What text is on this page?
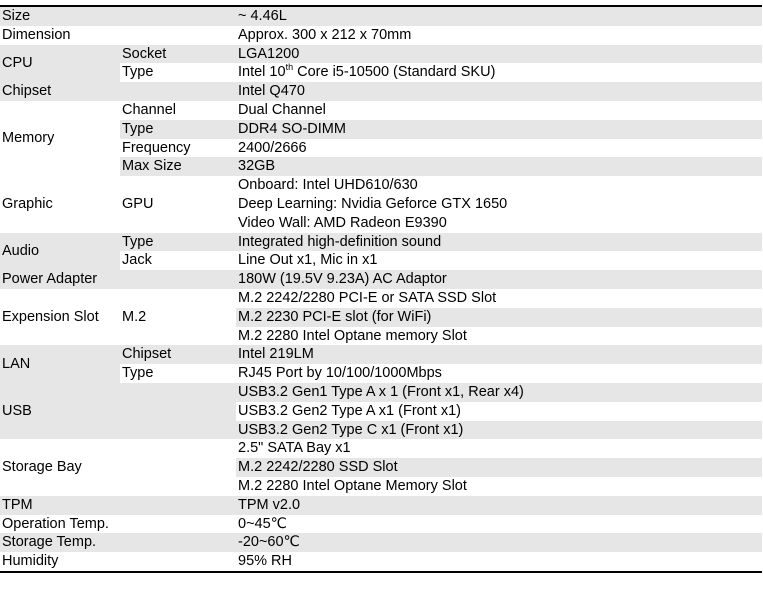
Size		~ 4.46L
Dimension		Approx. 300 x 212 x 70mm
CPU	Socket	LGA1200
	Type	Intel 10th Core i5-10500 (Standard SKU)
Chipset		Intel Q470
Memory	Channel	Dual Channel
	Type	DDR4 SO-DIMM
	Frequency	2400/2666
	Max Size	32GB
Graphic	GPU	Onboard: Intel UHD610/630
		Deep Learning: Nvidia Geforce GTX 1650
		Video Wall: AMD Radeon E9390
Audio	Type	Integrated high-definition sound
	Jack	Line Out x1, Mic in x1
Power Adapter		180W (19.5V 9.23A) AC Adaptor
Expension Slot	M.2	M.2 2242/2280 PCI-E or SATA SSD Slot
		M.2 2230 PCI-E slot (for WiFi)
		M.2 2280 Intel Optane memory Slot
LAN	Chipset	Intel 219LM
	Type	RJ45 Port by 10/100/1000Mbps
USB		USB3.2 Gen1 Type A x 1 (Front x1, Rear x4)
		USB3.2 Gen2 Type A x1 (Front x1)
		USB3.2 Gen2 Type C x1 (Front x1)
Storage Bay		2.5" SATA Bay x1
		M.2 2242/2280 SSD Slot
		M.2 2280 Intel Optane Memory Slot
TPM		TPM v2.0
Operation Temp.		0~45℃
Storage Temp.		-20~60℃
Humidity		95% RH
